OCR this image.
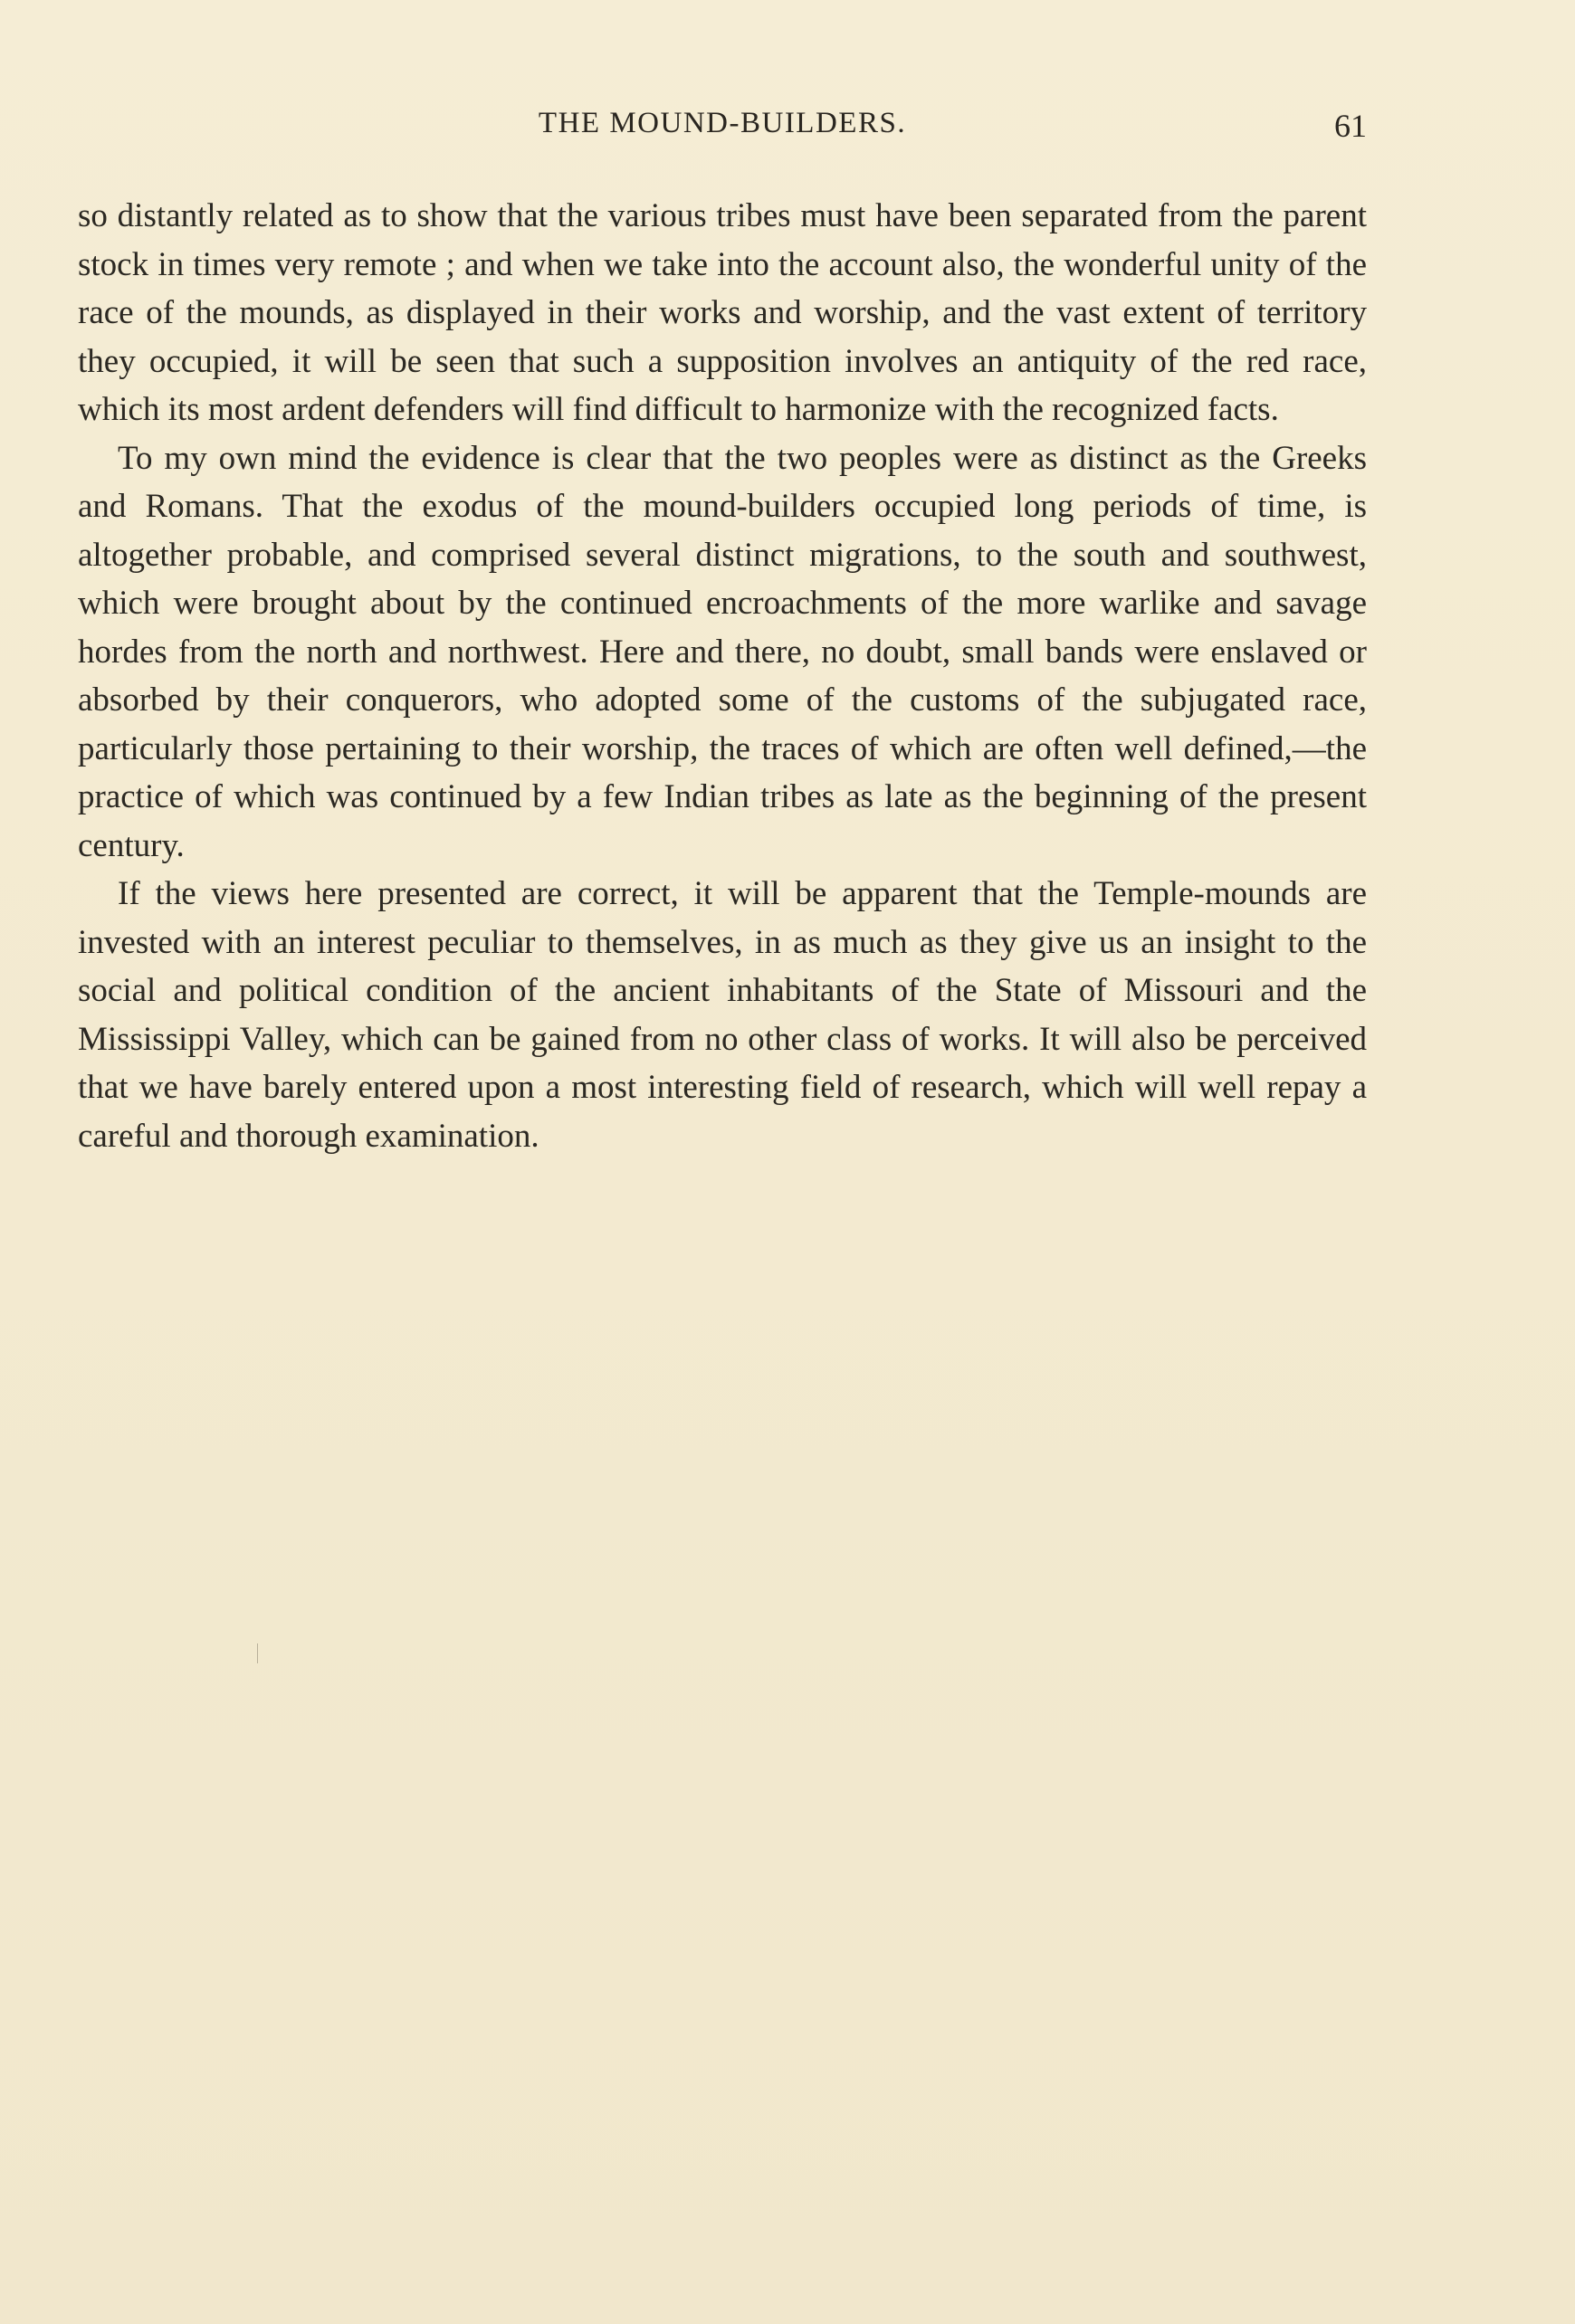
THE MOUND-BUILDERS.	61

so distantly related as to show that the various tribes must have been separated from the parent stock in times very remote ; and when we take into the account also, the wonderful unity of the race of the mounds, as displayed in their works and worship, and the vast extent of territory they occupied, it will be seen that such a supposition involves an antiquity of the red race, which its most ardent defenders will find difficult to harmonize with the recognized facts.

To my own mind the evidence is clear that the two peoples were as distinct as the Greeks and Romans. That the exodus of the mound-builders occupied long periods of time, is altogether probable, and comprised several distinct migrations, to the south and southwest, which were brought about by the continued encroachments of the more warlike and savage hordes from the north and northwest. Here and there, no doubt, small bands were enslaved or absorbed by their conquerors, who adopted some of the customs of the subjugated race, particularly those pertaining to their worship, the traces of which are often well defined,—the practice of which was continued by a few Indian tribes as late as the beginning of the present century.

If the views here presented are correct, it will be apparent that the Temple-mounds are invested with an interest peculiar to themselves, in as much as they give us an insight to the social and political condition of the ancient inhabitants of the State of Missouri and the Mississippi Valley, which can be gained from no other class of works. It will also be perceived that we have barely entered upon a most interesting field of research, which will well repay a careful and thorough examination.
